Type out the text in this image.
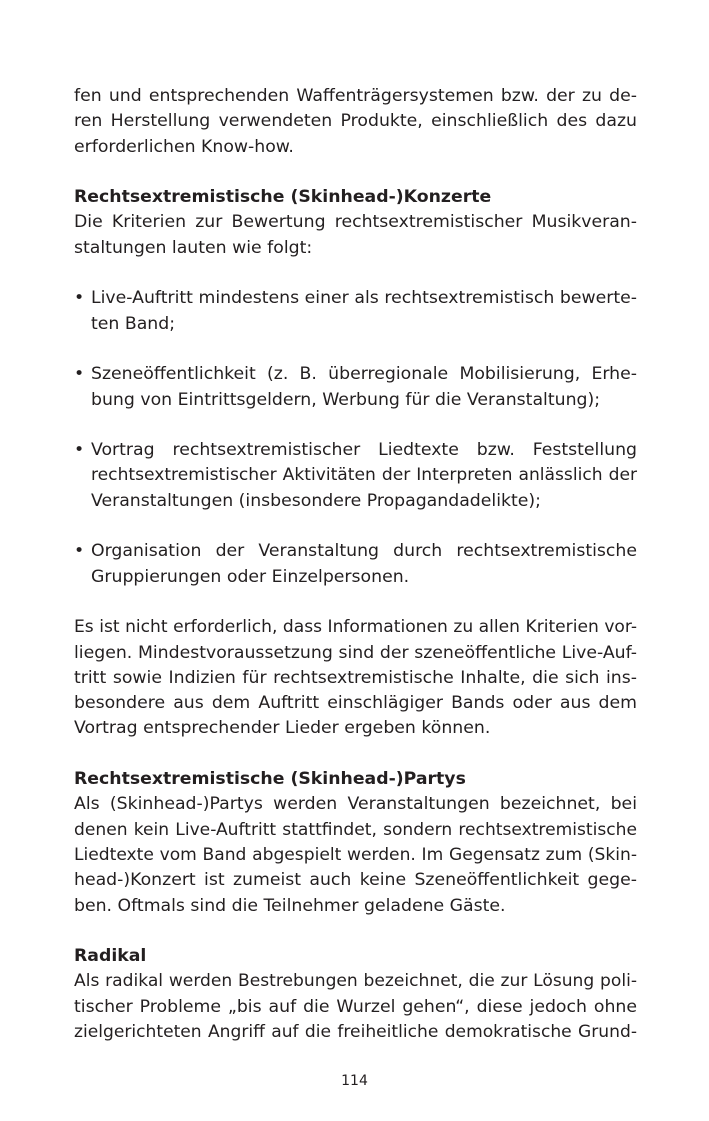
fen und entsprechenden Waffenträgersystemen bzw. der zu de-
ren Herstellung verwendeten Produkte, einschließlich des dazu
erforderlichen Know-how.
Rechtsextremistische (Skinhead-)Konzerte
Die Kriterien zur Bewertung rechtsextremistischer Musikveran-
staltungen lauten wie folgt:
• Live-Auftritt mindestens einer als rechtsextremistisch bewerte-
ten Band;
• Szeneöffentlichkeit (z. B. überregionale Mobilisierung, Erhe-
bung von Eintrittsgeldern, Werbung für die Veranstaltung);
• Vortrag rechtsextremistischer Liedtexte bzw. Feststellung
rechtsextremistischer Aktivitäten der Interpreten anlässlich der
Veranstaltungen (insbesondere Propagandadelikte);
• Organisation der Veranstaltung durch rechtsextremistische
Gruppierungen oder Einzelpersonen.
Es ist nicht erforderlich, dass Informationen zu allen Kriterien vor-
liegen. Mindestvoraussetzung sind der szeneöffentliche Live-Auf-
tritt sowie Indizien für rechtsextremistische Inhalte, die sich ins-
besondere aus dem Auftritt einschlägiger Bands oder aus dem
Vortrag entsprechender Lieder ergeben können.
Rechtsextremistische (Skinhead-)Partys
Als (Skinhead-)Partys werden Veranstaltungen bezeichnet, bei
denen kein Live-Auftritt stattfindet, sondern rechtsextremistische
Liedtexte vom Band abgespielt werden. Im Gegensatz zum (Skin-
head-)Konzert ist zumeist auch keine Szeneöffentlichkeit gege-
ben. Oftmals sind die Teilnehmer geladene Gäste.
Radikal
Als radikal werden Bestrebungen bezeichnet, die zur Lösung poli-
tischer Probleme „bis auf die Wurzel gehen“, diese jedoch ohne
zielgerichteten Angriff auf die freiheitliche demokratische Grund-
114
